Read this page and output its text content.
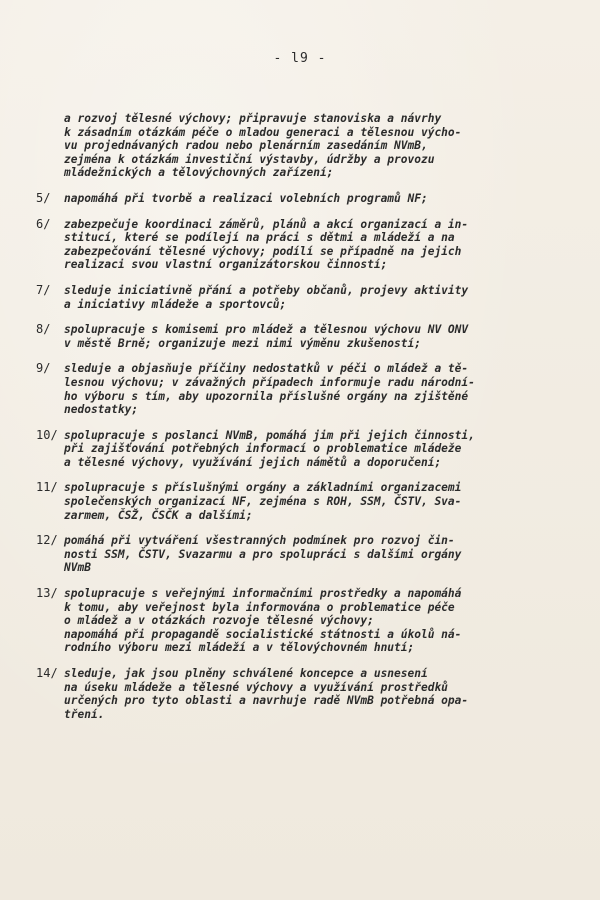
- l9 -
a rozvoj tělesné výchovy; připravuje stanoviska a návrhy
k zásadním otázkám péče o mladou generaci a tělesnou výcho-
vu projednávaných radou nebo plenárním zasedáním NVmB,
zejména k otázkám investiční výstavby, údržby a provozu
mládežnických a tělovýchovných zařízení;
5/ napomáhá při tvorbě a realizaci volebních programů NF;
6/ zabezpečuje koordinaci záměrů, plánů a akcí organizací a in-
stitucí, které se podílejí na práci s dětmi a mládeží a na
zabezpečování tělesné výchovy; podílí se případně na jejich
realizaci svou vlastní organizátorskou činností;
7/ sleduje iniciativně přání a potřeby občanů, projevy aktivity
a iniciativy mládeže a sportovců;
8/ spolupracuje s komisemi pro mládež a tělesnou výchovu NV ONV
v městě Brně; organizuje mezi nimi výměnu zkušeností;
9/ sleduje a objasňuje příčiny nedostatků v péči o mládež a tě-
lesnou výchovu; v závažných případech informuje radu národní-
ho výboru s tím, aby upozornila příslušné orgány na zjištěné
nedostatky;
10/ spolupracuje s poslanci NVmB, pomáhá jim při jejich činnosti,
při zajišťování potřebných informací o problematice mládeže
a tělesné výchovy, využívání jejich námětů a doporučení;
11/ spolupracuje s příslušnými orgány a základními organizacemi
společenských organizací NF, zejména s ROH, SSM, ČSTV, Sva-
zarmem, ČSŽ, ČSČK a dalšími;
12/ pomáhá při vytváření všestranných podmínek pro rozvoj čin-
nosti SSM, ČSTV, Svazarmu a pro spolupráci s dalšími orgány
NVmB
13/ spolupracuje s veřejnými informačními prostředky a napomáhá
k tomu, aby veřejnost byla informována o problematice péče
o mládež a v otázkách rozvoje tělesné výchovy;
napomáhá při propagandě socialistické státnosti a úkolů ná-
rodního výboru mezi mládeží a v tělovýchovném hnutí;
14/ sleduje, jak jsou plněny schválené koncepce a usnesení
na úseku mládeže a tělesné výchovy a využívání prostředků
určených pro tyto oblasti a navrhuje radě NVmB potřebná opa-
tření.
